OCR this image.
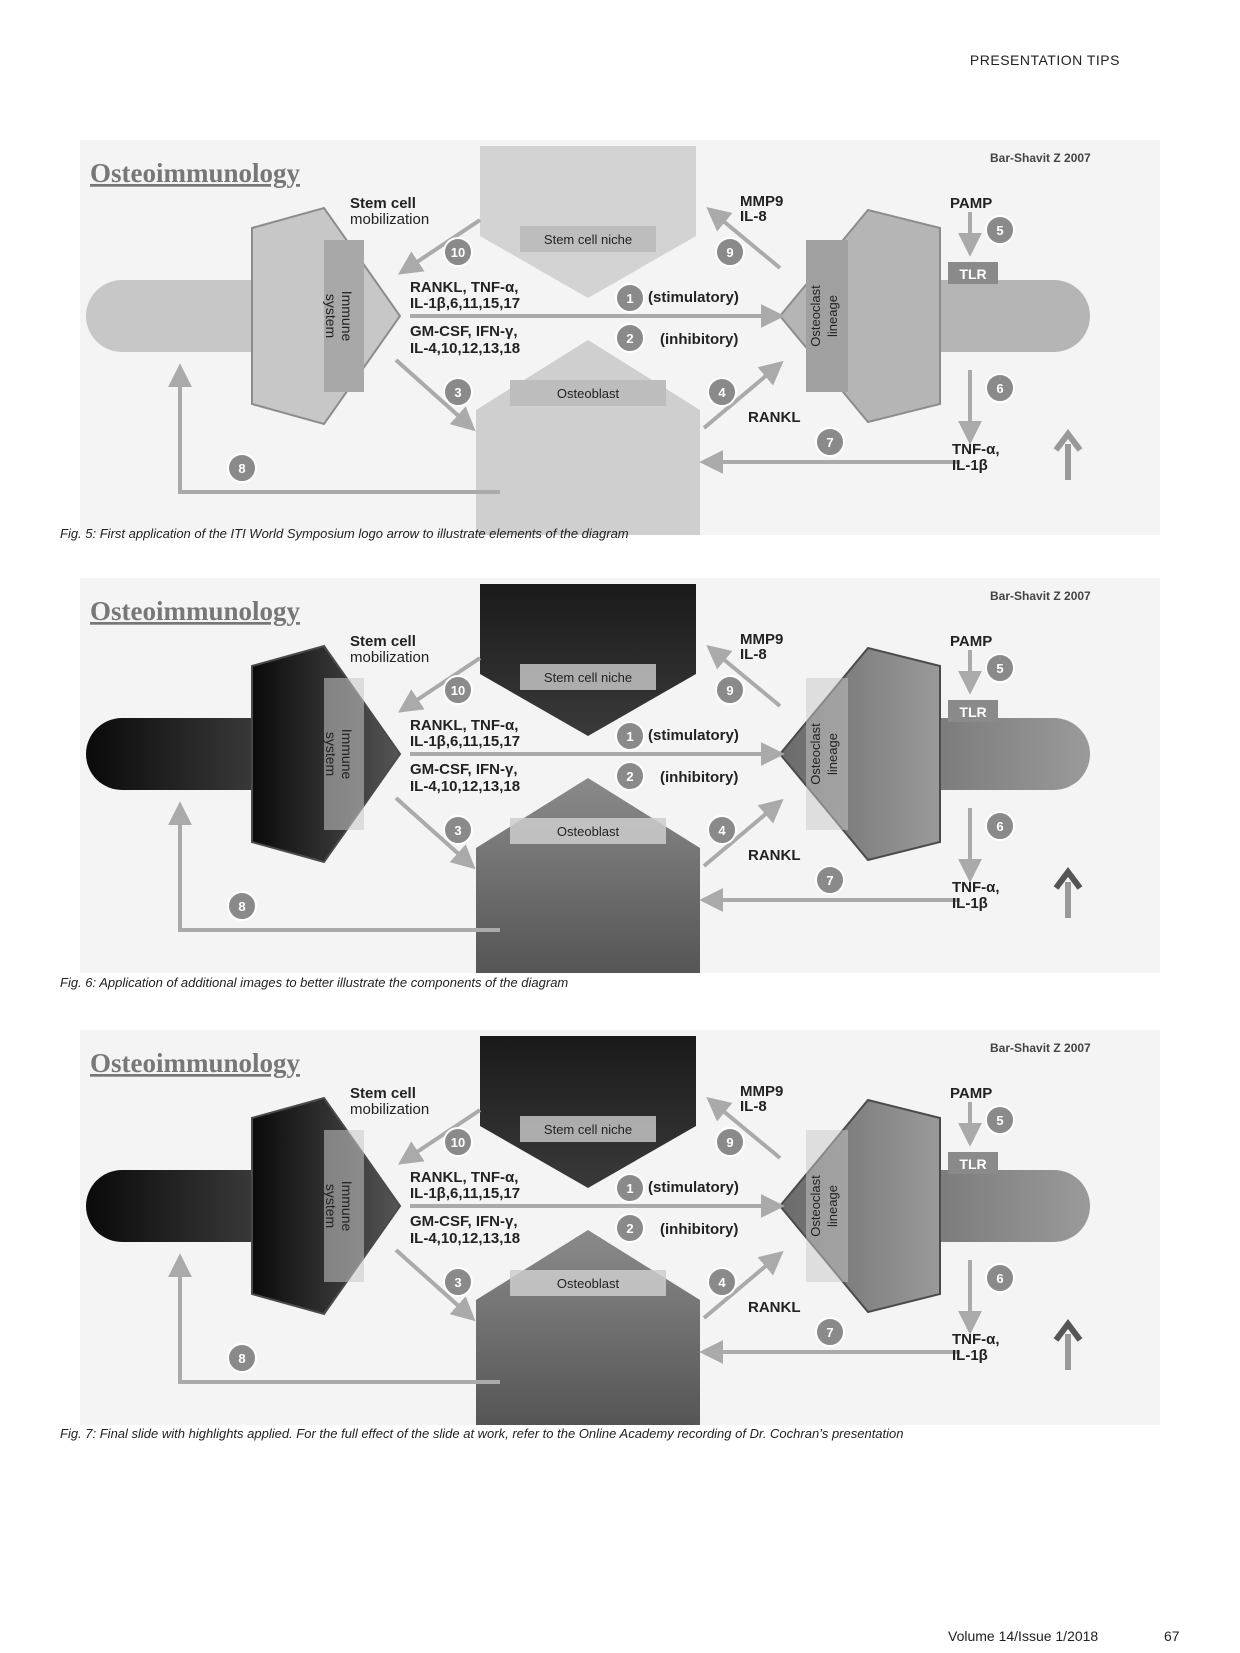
PRESENTATION TIPS
Osteoimmunology	Bar-Shavit Z 2007
Immune
system	Osteoclast lineage
Stem cell niche
Osteoblast
Stem cell
mobilization
RANKL, TNF-α,
IL-1β,6,11,15,17
GM-CSF, IFN-γ,
IL-4,10,12,13,18
(stimulatory)
(inhibitory)
MMP9
IL-8
PAMP
TLR
RANKL
TNF-α,
IL-1β
1
2
3	4
5
6
7
8
9
10
Fig. 5: First application of the ITI World Symposium logo arrow to illustrate elements of the diagram
Osteoimmunology	Bar-Shavit Z 2007
Immune
system	Osteoclast lineage
Stem cell niche
Osteoblast
Stem cell
mobilization
RANKL, TNF-α,
IL-1β,6,11,15,17
GM-CSF, IFN-γ,
IL-4,10,12,13,18
(stimulatory)
(inhibitory)
MMP9
IL-8
PAMP
TLR
RANKL
TNF-α,
IL-1β
1
2
3	4
5
6
7
8
9
10
Fig. 6: Application of additional images to better illustrate the components of the diagram
Osteoimmunology	Bar-Shavit Z 2007
Immune
system	Osteoclast lineage
Stem cell niche
Osteoblast
Stem cell
mobilization
RANKL, TNF-α,
IL-1β,6,11,15,17
GM-CSF, IFN-γ,
IL-4,10,12,13,18
(stimulatory)
(inhibitory)
MMP9
IL-8
PAMP
TLR
RANKL
TNF-α,
IL-1β
1
2
3	4
5
6
7
8
9
10
Fig. 7: Final slide with highlights applied. For the full effect of the slide at work, refer to the Online Academy recording of Dr. Cochran’s presentation
Volume 14/Issue 1/2018	67
